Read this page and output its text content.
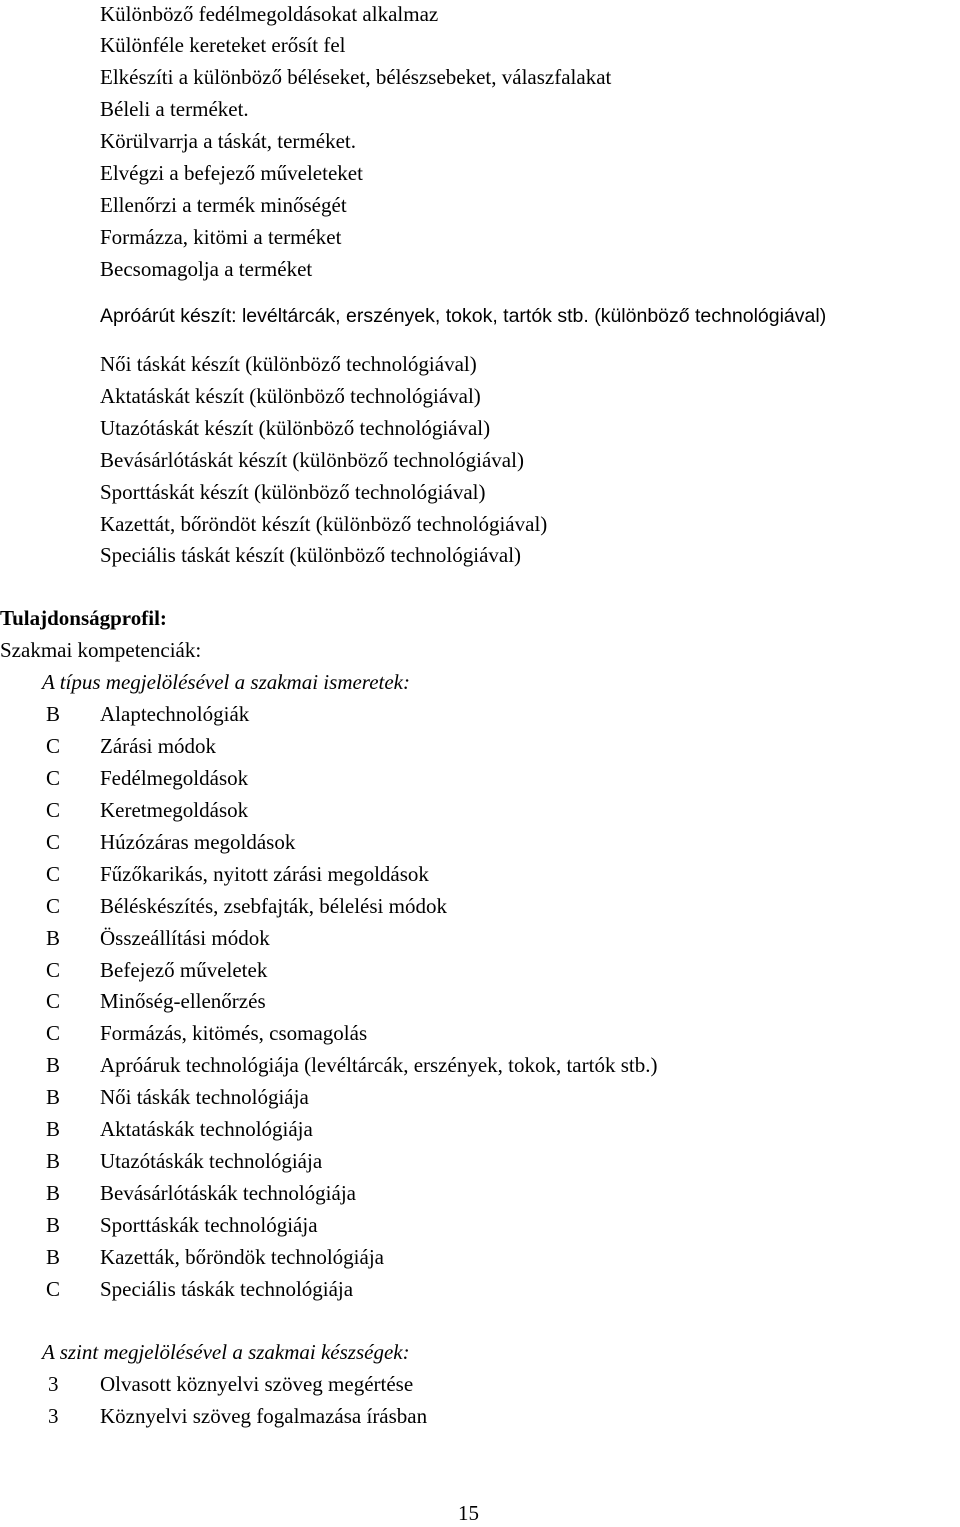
Különböző fedélmegoldásokat alkalmaz
Különféle kereteket erősít fel
Elkészíti a különböző béléseket, bélészsebeket, válaszfalakat
Béleli a terméket.
Körülvarrja a táskát, terméket.
Elvégzi a befejező műveleteket
Ellenőrzi a termék minőségét
Formázza, kitömi a terméket
Becsomagolja a terméket
Apróárút készít: levéltárcák, erszények, tokok, tartók stb. (különböző technológiával)
Női táskát készít (különböző technológiával)
Aktatáskát készít (különböző technológiával)
Utazótáskát készít (különböző technológiával)
Bevásárlótáskát készít (különböző technológiával)
Sporttáskát készít (különböző technológiával)
Kazettát, bőröndöt készít (különböző technológiával)
Speciális táskát készít (különböző technológiával)
Tulajdonságprofil:
Szakmai kompetenciák:
A típus megjelölésével a szakmai ismeretek:
B Alaptechnológiák
C Zárási módok
C Fedélmegoldások
C Keretmegoldások
C Húzózáras megoldások
C Fűzőkarikás, nyitott zárási megoldások
C Béléskészítés, zsebfajták, bélelési módok
B Összeállítási módok
C Befejező műveletek
C Minőség-ellenőrzés
C Formázás, kitömés, csomagolás
B Apróáruk technológiája (levéltárcák, erszények, tokok, tartók stb.)
B Női táskák technológiája
B Aktatáskák technológiája
B Utazótáskák technológiája
B Bevásárlótáskák technológiája
B Sporttáskák technológiája
B Kazetták, bőröndök technológiája
C Speciális táskák technológiája
A szint megjelölésével a szakmai készségek:
3	Olvasott köznyelvi szöveg megértése
3	Köznyelvi szöveg fogalmazása írásban
15
